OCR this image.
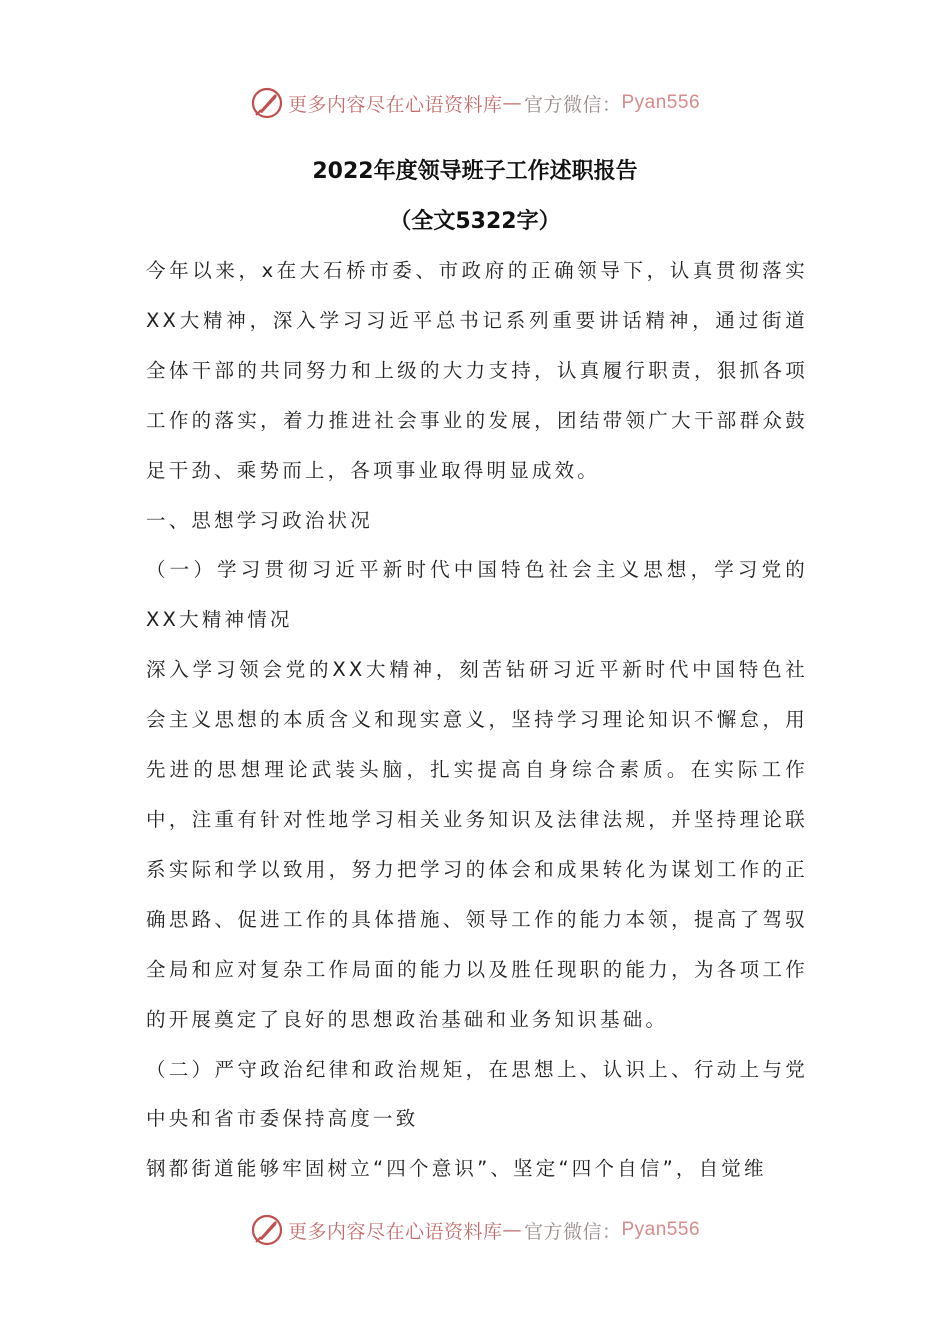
更多内容尽在心语资料库 — 官方微信： Pyan556
2022年度领导班子工作述职报告
（全文5322字）

今年以来，x在大石桥市委、市政府的正确领导下，认真贯彻落实XX大精神，深入学习习近平总书记系列重要讲话精神，通过街道全体干部的共同努力和上级的大力支持，认真履行职责，狠抓各项工作的落实，着力推进社会事业的发展，团结带领广大干部群众鼓足干劲、乘势而上，各项事业取得明显成效。

一、思想学习政治状况

（一）学习贯彻习近平新时代中国特色社会主义思想，学习党的XX大精神情况

深入学习领会党的XX大精神，刻苦钻研习近平新时代中国特色社会主义思想的本质含义和现实意义，坚持学习理论知识不懈怠，用先进的思想理论武装头脑，扎实提高自身综合素质。在实际工作中，注重有针对性地学习相关业务知识及法律法规，并坚持理论联系实际和学以致用，努力把学习的体会和成果转化为谋划工作的正确思路、促进工作的具体措施、领导工作的能力本领，提高了驾驭全局和应对复杂工作局面的能力以及胜任现职的能力，为各项工作的开展奠定了良好的思想政治基础和业务知识基础。

（二）严守政治纪律和政治规矩，在思想上、认识上、行动上与党中央和省市委保持高度一致

钢都街道能够牢固树立“四个意识”、坚定“四个自信”，自觉维

更多内容尽在心语资料库 — 官方微信： Pyan556
